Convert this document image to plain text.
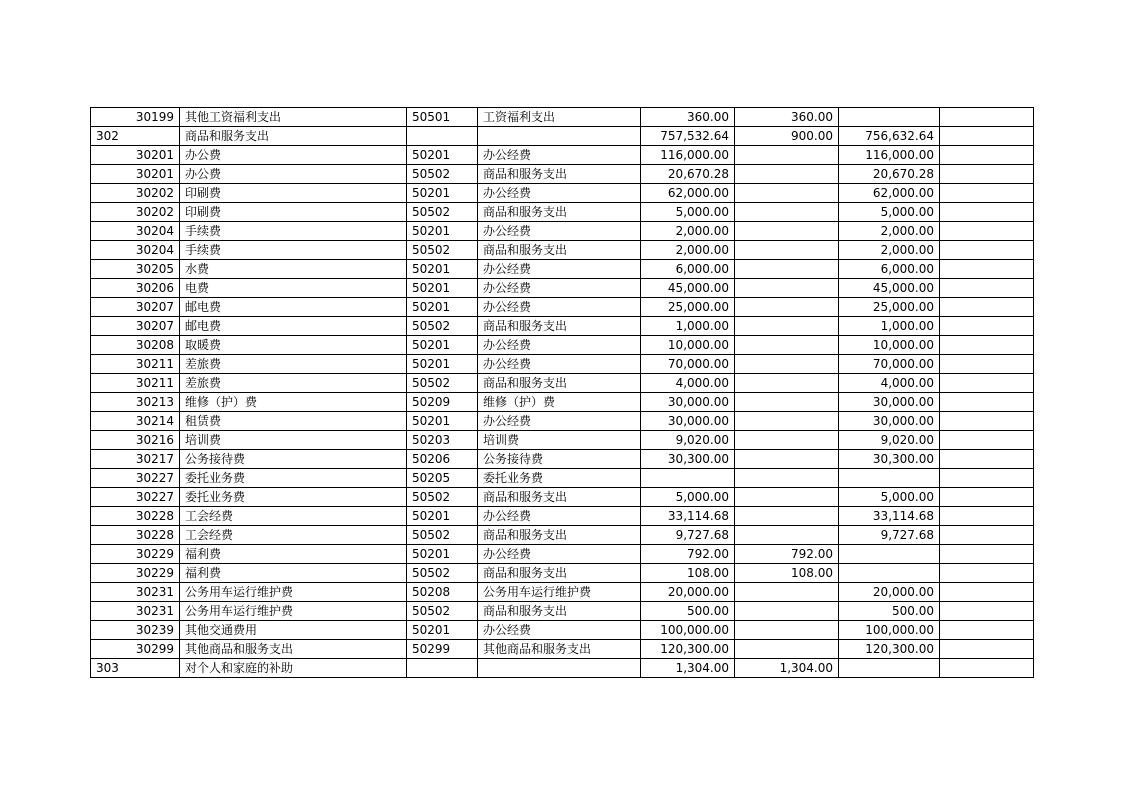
30199	其他工资福利支出	50501	工资福利支出	360.00	360.00		
302	商品和服务支出			757,532.64	900.00	756,632.64	
30201	办公费	50201	办公经费	116,000.00		116,000.00	
30201	办公费	50502	商品和服务支出	20,670.28		20,670.28	
30202	印刷费	50201	办公经费	62,000.00		62,000.00	
30202	印刷费	50502	商品和服务支出	5,000.00		5,000.00	
30204	手续费	50201	办公经费	2,000.00		2,000.00	
30204	手续费	50502	商品和服务支出	2,000.00		2,000.00	
30205	水费	50201	办公经费	6,000.00		6,000.00	
30206	电费	50201	办公经费	45,000.00		45,000.00	
30207	邮电费	50201	办公经费	25,000.00		25,000.00	
30207	邮电费	50502	商品和服务支出	1,000.00		1,000.00	
30208	取暖费	50201	办公经费	10,000.00		10,000.00	
30211	差旅费	50201	办公经费	70,000.00		70,000.00	
30211	差旅费	50502	商品和服务支出	4,000.00		4,000.00	
30213	维修（护）费	50209	维修（护）费	30,000.00		30,000.00	
30214	租赁费	50201	办公经费	30,000.00		30,000.00	
30216	培训费	50203	培训费	9,020.00		9,020.00	
30217	公务接待费	50206	公务接待费	30,300.00		30,300.00	
30227	委托业务费	50205	委托业务费				
30227	委托业务费	50502	商品和服务支出	5,000.00		5,000.00	
30228	工会经费	50201	办公经费	33,114.68		33,114.68	
30228	工会经费	50502	商品和服务支出	9,727.68		9,727.68	
30229	福利费	50201	办公经费	792.00	792.00		
30229	福利费	50502	商品和服务支出	108.00	108.00		
30231	公务用车运行维护费	50208	公务用车运行维护费	20,000.00		20,000.00	
30231	公务用车运行维护费	50502	商品和服务支出	500.00		500.00	
30239	其他交通费用	50201	办公经费	100,000.00		100,000.00	
30299	其他商品和服务支出	50299	其他商品和服务支出	120,300.00		120,300.00	
303	对个人和家庭的补助			1,304.00	1,304.00		
